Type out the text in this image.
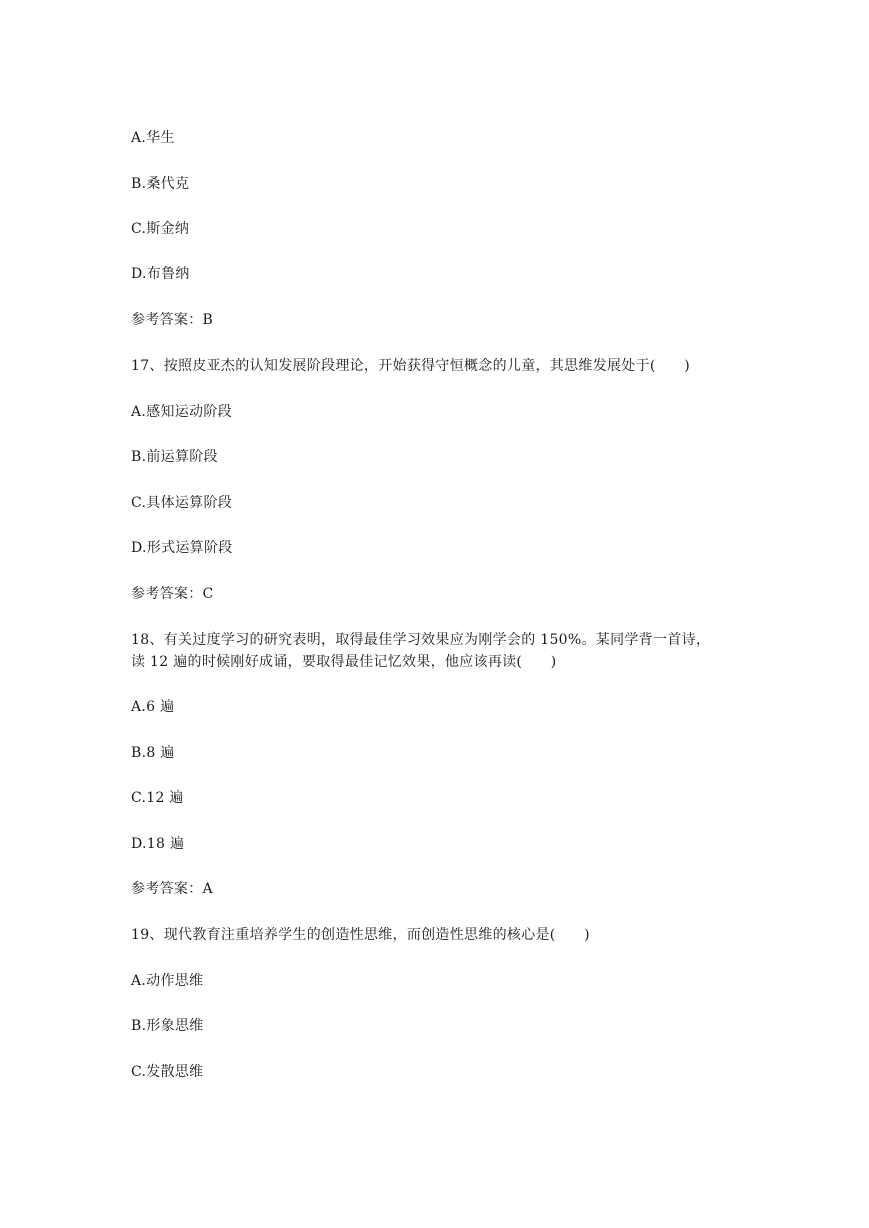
A.华生
B.桑代克
C.斯金纳
D.布鲁纳
参考答案：B
17、按照皮亚杰的认知发展阶段理论，开始获得守恒概念的儿童，其思维发展处于(　　)
A.感知运动阶段
B.前运算阶段
C.具体运算阶段
D.形式运算阶段
参考答案：C
18、有关过度学习的研究表明，取得最佳学习效果应为刚学会的 150%。某同学背一首诗，
读 12 遍的时候刚好成诵，要取得最佳记忆效果，他应该再读(　　)
A.6 遍
B.8 遍
C.12 遍
D.18 遍
参考答案：A
19、现代教育注重培养学生的创造性思维，而创造性思维的核心是(　　)
A.动作思维
B.形象思维
C.发散思维
